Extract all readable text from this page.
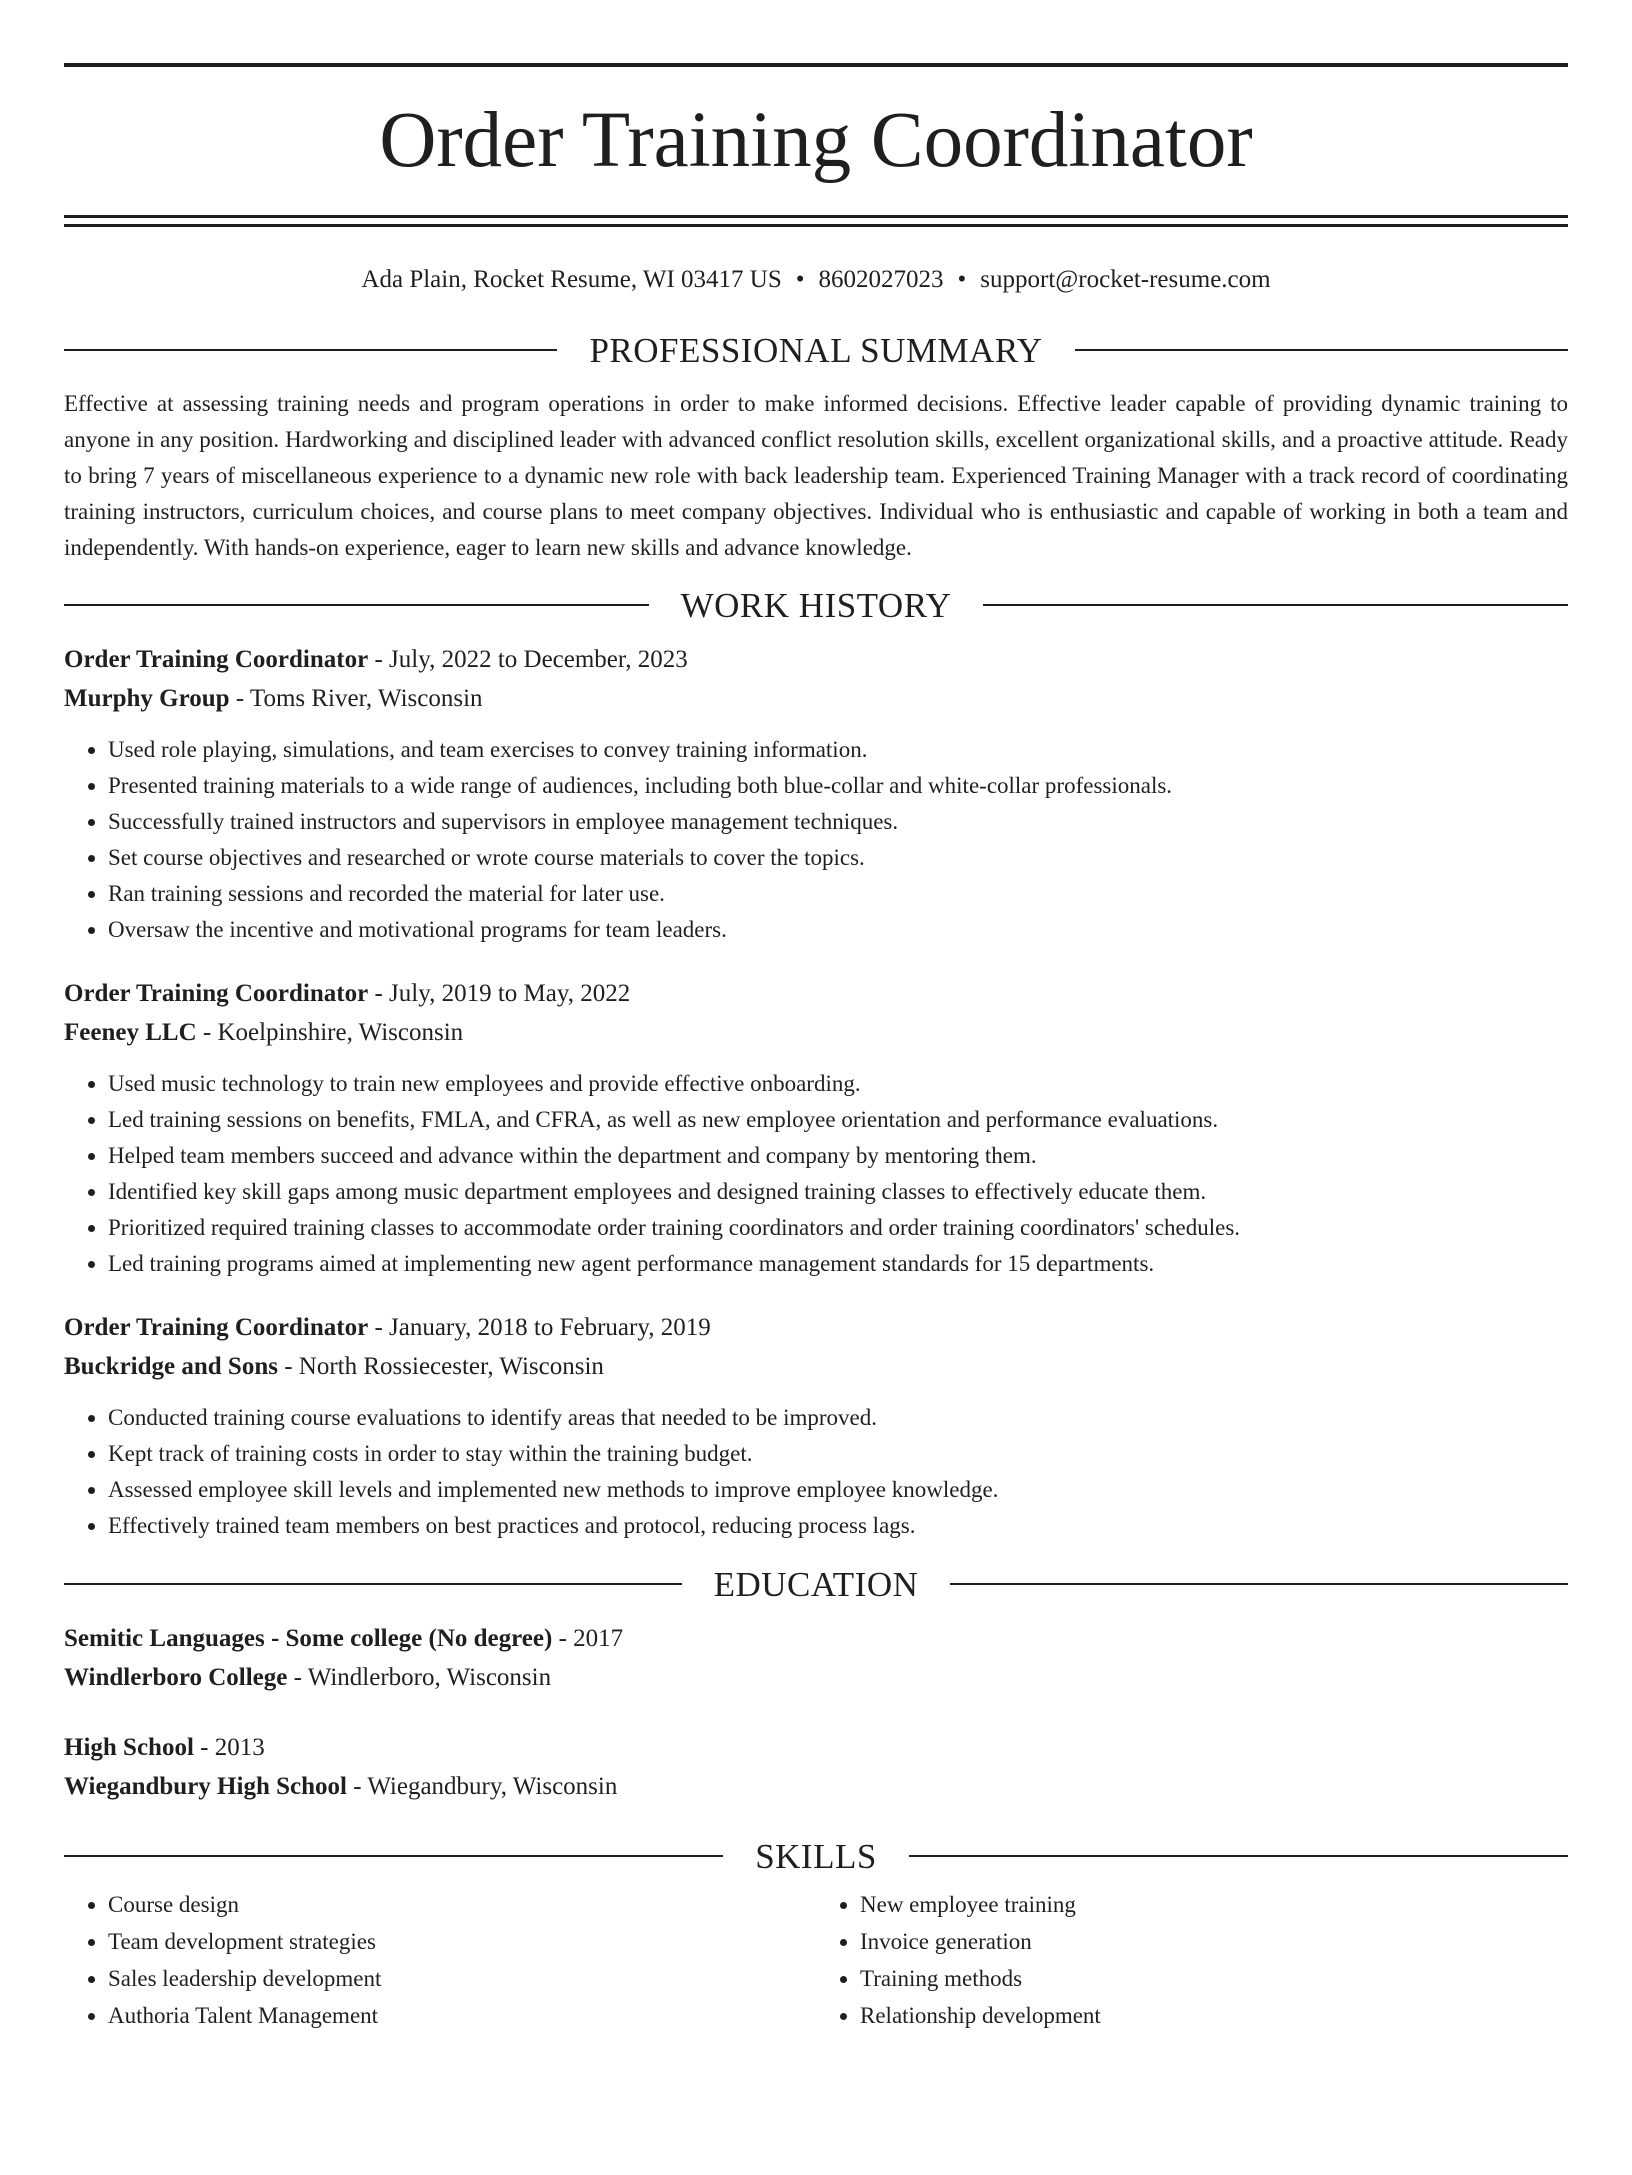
Order Training Coordinator
Ada Plain, Rocket Resume, WI 03417 US • 8602027023 • support@rocket-resume.com
PROFESSIONAL SUMMARY

Effective at assessing training needs and program operations in order to make informed decisions. Effective leader capable of providing dynamic training to anyone in any position. Hardworking and disciplined leader with advanced conflict resolution skills, excellent organizational skills, and a proactive attitude. Ready to bring 7 years of miscellaneous experience to a dynamic new role with back leadership team. Experienced Training Manager with a track record of coordinating training instructors, curriculum choices, and course plans to meet company objectives. Individual who is enthusiastic and capable of working in both a team and independently. With hands-on experience, eager to learn new skills and advance knowledge.

WORK HISTORY

Order Training Coordinator - July, 2022 to December, 2023

Murphy Group - Toms River, Wisconsin

• Used role playing, simulations, and team exercises to convey training information.
• Presented training materials to a wide range of audiences, including both blue-collar and white-collar professionals.
• Successfully trained instructors and supervisors in employee management techniques.
• Set course objectives and researched or wrote course materials to cover the topics.
• Ran training sessions and recorded the material for later use.
• Oversaw the incentive and motivational programs for team leaders.

Order Training Coordinator - July, 2019 to May, 2022

Feeney LLC - Koelpinshire, Wisconsin

• Used music technology to train new employees and provide effective onboarding.
• Led training sessions on benefits, FMLA, and CFRA, as well as new employee orientation and performance evaluations.
• Helped team members succeed and advance within the department and company by mentoring them.
• Identified key skill gaps among music department employees and designed training classes to effectively educate them.
• Prioritized required training classes to accommodate order training coordinators and order training coordinators' schedules.
• Led training programs aimed at implementing new agent performance management standards for 15 departments.

Order Training Coordinator - January, 2018 to February, 2019

Buckridge and Sons - North Rossiecester, Wisconsin

• Conducted training course evaluations to identify areas that needed to be improved.
• Kept track of training costs in order to stay within the training budget.
• Assessed employee skill levels and implemented new methods to improve employee knowledge.
• Effectively trained team members on best practices and protocol, reducing process lags.
EDUCATION

Semitic Languages - Some college (No degree) - 2017

Windlerboro College - Windlerboro, Wisconsin

High School - 2013

Wiegandbury High School - Wiegandbury, Wisconsin

SKILLS
• Course design
• Team development strategies
• Sales leadership development
• Authoria Talent Management
• New employee training
• Invoice generation
• Training methods
• Relationship development
